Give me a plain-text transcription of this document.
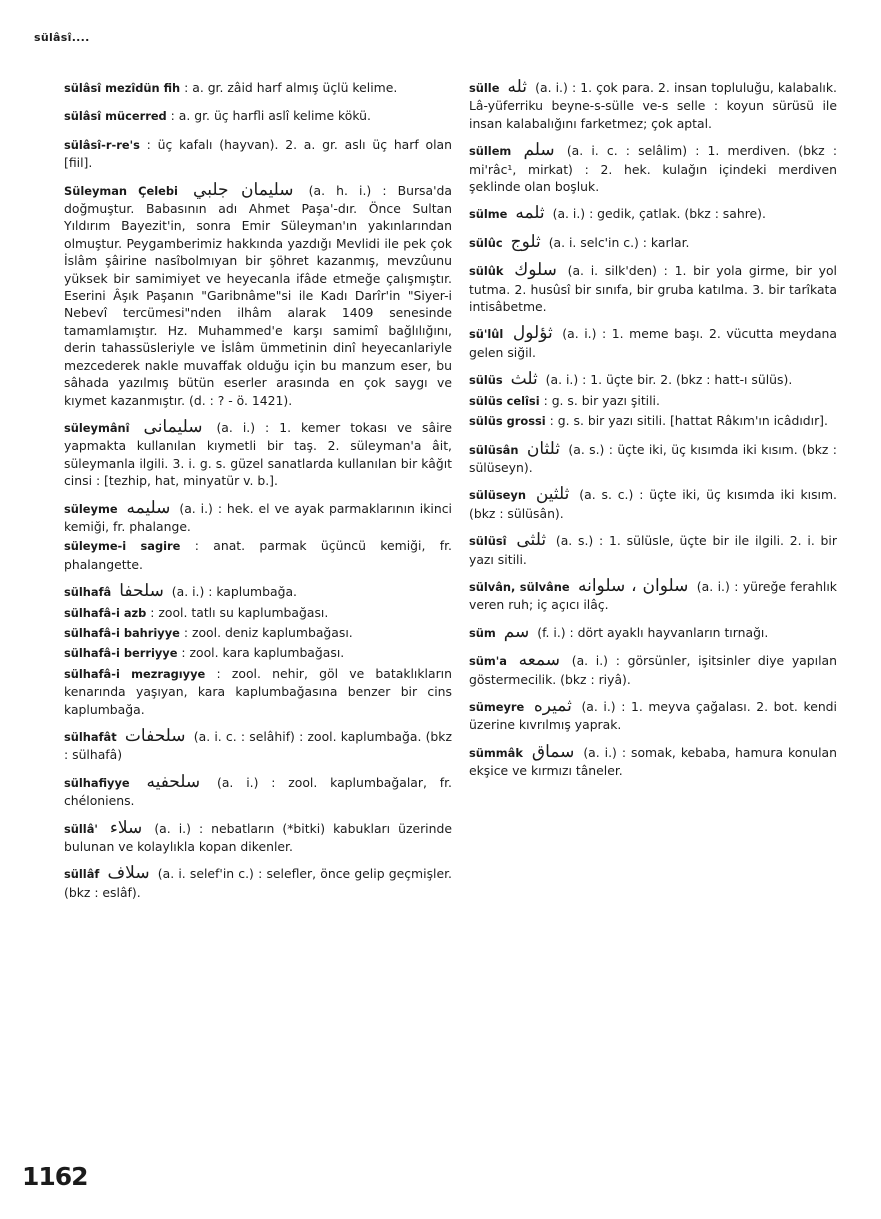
sülâsî....
sülâsî mezîdün fih : a. gr. zâid harf almış üçlü kelime.
sülâsî mücerred : a. gr. üç harfli aslî kelime kökü.
sülâsî-r-re's : üç kafalı (hayvan). 2. a. gr. aslı üç harf olan [fiil].
Süleyman Çelebi سليمان جلبي (a. h. i.) : Bursa'da doğmuştur. Babasının adı Ahmet Paşa'-dır. Önce Sultan Yıldırım Bayezit'in, sonra Emir Süleyman'ın yakınlarından olmuştur. Peygamberimiz hakkında yazdığı Mevlidi ile pek çok İslâm şâirine nasîbolmıyan bir şöhret kazanmış, mevzûunu yüksek bir samimiyet ve heyecanla ifâde etmeğe çalışmıştır. Eserini Âşık Paşanın "Garibnâme"si ile Kadı Darîr'in "Siyer-i Nebevî tercümesi"nden ilhâm alarak 1409 senesinde tamamlamıştır. Hz. Muhammed'e karşı samimî bağlılığını, derin tahassüsleriyle ve İslâm ümmetinin dinî heyecanlariyle mezcederek nakle muvaffak olduğu için bu manzum eser, bu sâhada yazılmış bütün eserler arasında en çok saygı ve kıymet kazanmıştır. (d. : ? - ö. 1421).
süleymânî سليمانى (a. i.) : 1. kemer tokası ve sâire yapmakta kullanılan kıymetli bir taş. 2. süleyman'a âit, süleymanla ilgili. 3. i. g. s. güzel sanatlarda kullanılan bir kâğıt cinsi : [tezhip, hat, minyatür v. b.].
süleyme سليمه (a. i.) : hek. el ve ayak parmaklarının ikinci kemiği, fr. phalange.
süleyme-i sagire : anat. parmak üçüncü kemiği, fr. phalangette.
sülhafâ سلحفا (a. i.) : kaplumbağa.
sülhafâ-i azb : zool. tatlı su kaplumbağası.
sülhafâ-i bahriyye : zool. deniz kaplumbağası.
sülhafâ-i berriyye : zool. kara kaplumbağası.
sülhafâ-i mezragıyye : zool. nehir, göl ve bataklıkların kenarında yaşıyan, kara kaplumbağasına benzer bir cins kaplumbağa.
sülhafât سلحفات (a. i. c. : selâhif) : zool. kaplumbağa. (bkz : sülhafâ)
sülhafiyye سلحفيه (a. i.) : zool. kaplumbağalar, fr. chéloniens.
süllâ' سلاء (a. i.) : nebatların (*bitki) kabukları üzerinde bulunan ve kolaylıkla kopan dikenler.
süllâf سلاف (a. i. selef'in c.) : selefler, önce gelip geçmişler. (bkz : eslâf).
sülle ثله (a. i.) : 1. çok para. 2. insan topluluğu, kalabalık. Lâ-yüferriku beyne-s-sülle ve-s selle : koyun sürüsü ile insan kalabalığını farketmez; çok aptal.
süllem سلم (a. i. c. : selâlim) : 1. merdiven. (bkz : mi'râc¹, mirkat) : 2. hek. kulağın içindeki merdiven şeklinde olan boşluk.
sülme ثلمه (a. i.) : gedik, çatlak. (bkz : sahre).
sülûc ثلوج (a. i. selc'in c.) : karlar.
sülûk سلوك (a. i. silk'den) : 1. bir yola girme, bir yol tutma. 2. husûsî bir sınıfa, bir gruba katılma. 3. bir tarîkata intisâbetme.
sü'lûl ثؤلول (a. i.) : 1. meme başı. 2. vücutta meydana gelen siğil.
sülüs ثلث (a. i.) : 1. üçte bir. 2. (bkz : hatt-ı sülüs).
sülüs celîsi : g. s. bir yazı şitili.
sülüs grossi : g. s. bir yazı sitili. [hattat Râkım'ın icâdıdır].
sülüsân ثلثان (a. s.) : üçte iki, üç kısımda iki kısım. (bkz : sülüseyn).
sülüseyn ثلثين (a. s. c.) : üçte iki, üç kısımda iki kısım. (bkz : sülüsân).
sülüsî ثلثى (a. s.) : 1. sülüsle, üçte bir ile ilgili. 2. i. bir yazı sitili.
sülvân, sülvâne سلوان ، سلوانه (a. i.) : yüreğe ferahlık veren ruh; iç açıcı ilâç.
süm سم (f. i.) : dört ayaklı hayvanların tırnağı.
süm'a سمعه (a. i.) : görsünler, işitsinler diye yapılan göstermecilik. (bkz : riyâ).
sümeyre ثميره (a. i.) : 1. meyva çağalası. 2. bot. kendi üzerine kıvrılmış yaprak.
sümmâk سماق (a. i.) : somak, kebaba, hamura konulan ekşice ve kırmızı tâneler.
1162
